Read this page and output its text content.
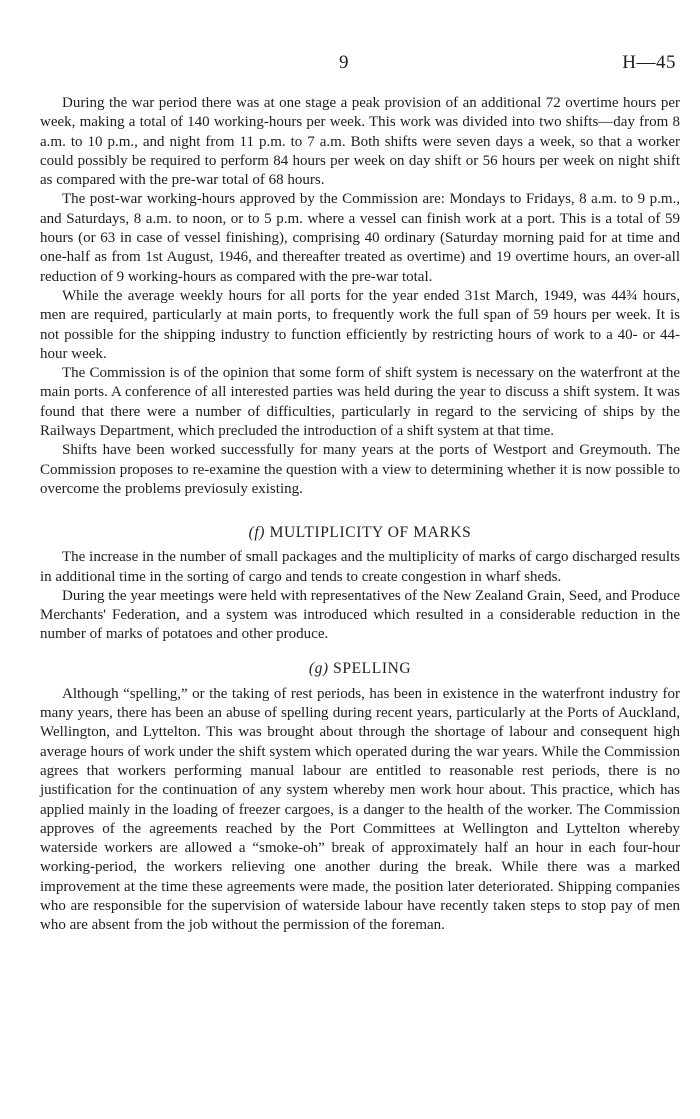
9	H—45

During the war period there was at one stage a peak provision of an additional 72 overtime hours per week, making a total of 140 working-hours per week. This work was divided into two shifts—day from 8 a.m. to 10 p.m., and night from 11 p.m. to 7 a.m. Both shifts were seven days a week, so that a worker could possibly be required to perform 84 hours per week on day shift or 56 hours per week on night shift as compared with the pre-war total of 68 hours.

The post-war working-hours approved by the Commission are: Mondays to Fridays, 8 a.m. to 9 p.m., and Saturdays, 8 a.m. to noon, or to 5 p.m. where a vessel can finish work at a port. This is a total of 59 hours (or 63 in case of vessel finishing), comprising 40 ordinary (Saturday morning paid for at time and one-half as from 1st August, 1946, and thereafter treated as overtime) and 19 overtime hours, an over-all reduction of 9 working-hours as compared with the pre-war total.

While the average weekly hours for all ports for the year ended 31st March, 1949, was 44¾ hours, men are required, particularly at main ports, to frequently work the full span of 59 hours per week. It is not possible for the shipping industry to function efficiently by restricting hours of work to a 40- or 44-hour week.

The Commission is of the opinion that some form of shift system is necessary on the waterfront at the main ports. A conference of all interested parties was held during the year to discuss a shift system. It was found that there were a number of difficulties, particularly in regard to the servicing of ships by the Railways Department, which precluded the introduction of a shift system at that time.

Shifts have been worked successfully for many years at the ports of Westport and Greymouth. The Commission proposes to re-examine the question with a view to determining whether it is now possible to overcome the problems previosuly existing.

(f) MULTIPLICITY OF MARKS

The increase in the number of small packages and the multiplicity of marks of cargo discharged results in additional time in the sorting of cargo and tends to create congestion in wharf sheds.

During the year meetings were held with representatives of the New Zealand Grain, Seed, and Produce Merchants' Federation, and a system was introduced which resulted in a considerable reduction in the number of marks of potatoes and other produce.

(g) SPELLING

Although “spelling,” or the taking of rest periods, has been in existence in the waterfront industry for many years, there has been an abuse of spelling during recent years, particularly at the Ports of Auckland, Wellington, and Lyttelton. This was brought about through the shortage of labour and consequent high average hours of work under the shift system which operated during the war years. While the Commission agrees that workers performing manual labour are entitled to reasonable rest periods, there is no justification for the continuation of any system whereby men work hour about. This practice, which has applied mainly in the loading of freezer cargoes, is a danger to the health of the worker. The Commission approves of the agreements reached by the Port Committees at Wellington and Lyttelton whereby waterside workers are allowed a “smoke-oh” break of approximately half an hour in each four-hour working-period, the workers relieving one another during the break. While there was a marked improvement at the time these agreements were made, the position later deteriorated. Shipping companies who are responsible for the supervision of waterside labour have recently taken steps to stop pay of men who are absent from the job without the permission of the foreman.
